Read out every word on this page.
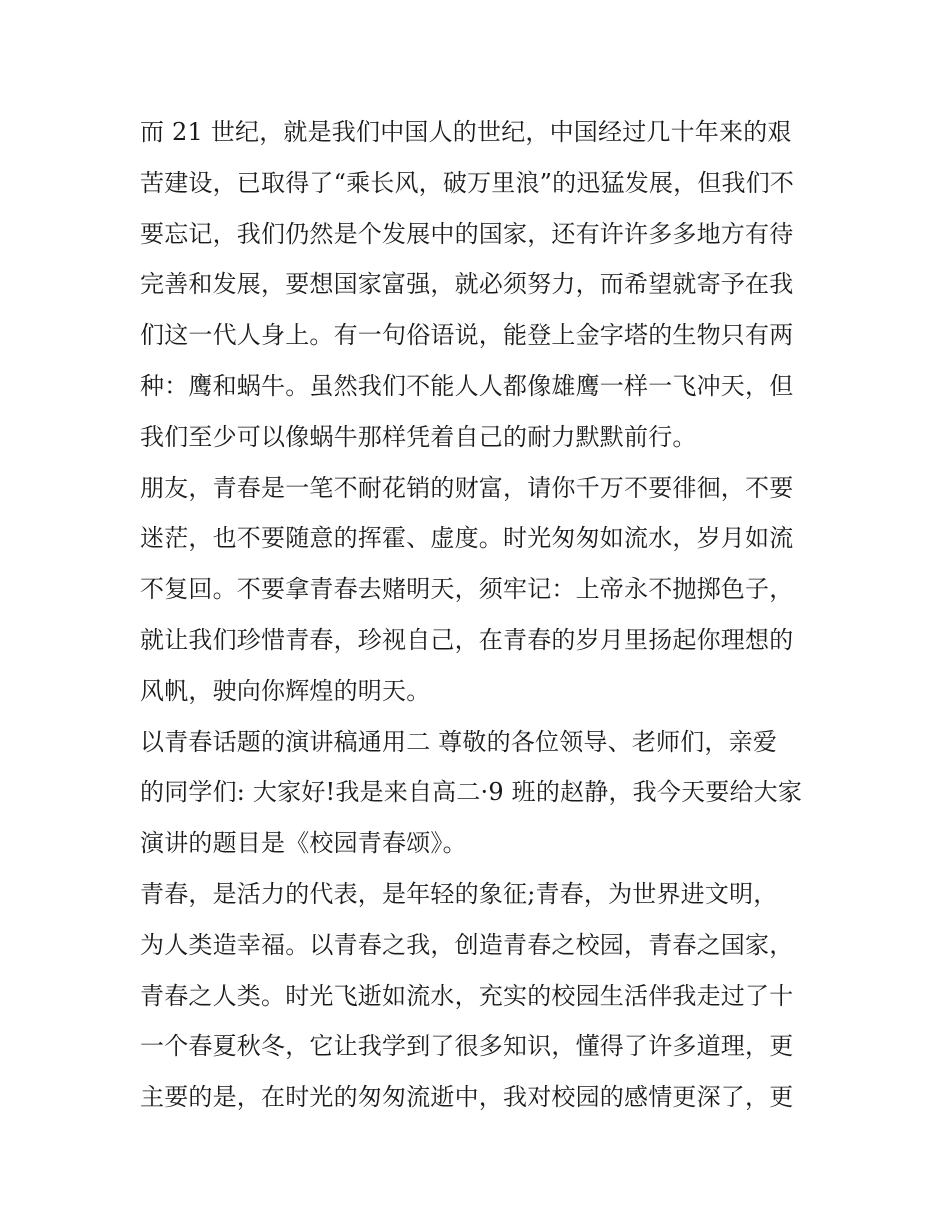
而 21 世纪，就是我们中国人的世纪，中国经过几十年来的艰
苦建设，已取得了“乘长风，破万里浪”的迅猛发展，但我们不
要忘记，我们仍然是个发展中的国家，还有许许多多地方有待
完善和发展，要想国家富强，就必须努力，而希望就寄予在我
们这一代人身上。有一句俗语说，能登上金字塔的生物只有两
种：鹰和蜗牛。虽然我们不能人人都像雄鹰一样一飞冲天，但
我们至少可以像蜗牛那样凭着自己的耐力默默前行。
朋友，青春是一笔不耐花销的财富，请你千万不要徘徊，不要
迷茫，也不要随意的挥霍、虚度。时光匆匆如流水，岁月如流
不复回。不要拿青春去赌明天，须牢记：上帝永不抛掷色子，
就让我们珍惜青春，珍视自己，在青春的岁月里扬起你理想的
风帆，驶向你辉煌的明天。
以青春话题的演讲稿通用二 尊敬的各位领导、老师们，亲爱
的同学们: 大家好!我是来自高二·9 班的赵静，我今天要给大家
演讲的题目是《校园青春颂》。
青春，是活力的代表，是年轻的象征;青春，为世界进文明，
为人类造幸福。以青春之我，创造青春之校园，青春之国家，
青春之人类。时光飞逝如流水，充实的校园生活伴我走过了十
一个春夏秋冬，它让我学到了很多知识，懂得了许多道理，更
主要的是，在时光的匆匆流逝中，我对校园的感情更深了，更
